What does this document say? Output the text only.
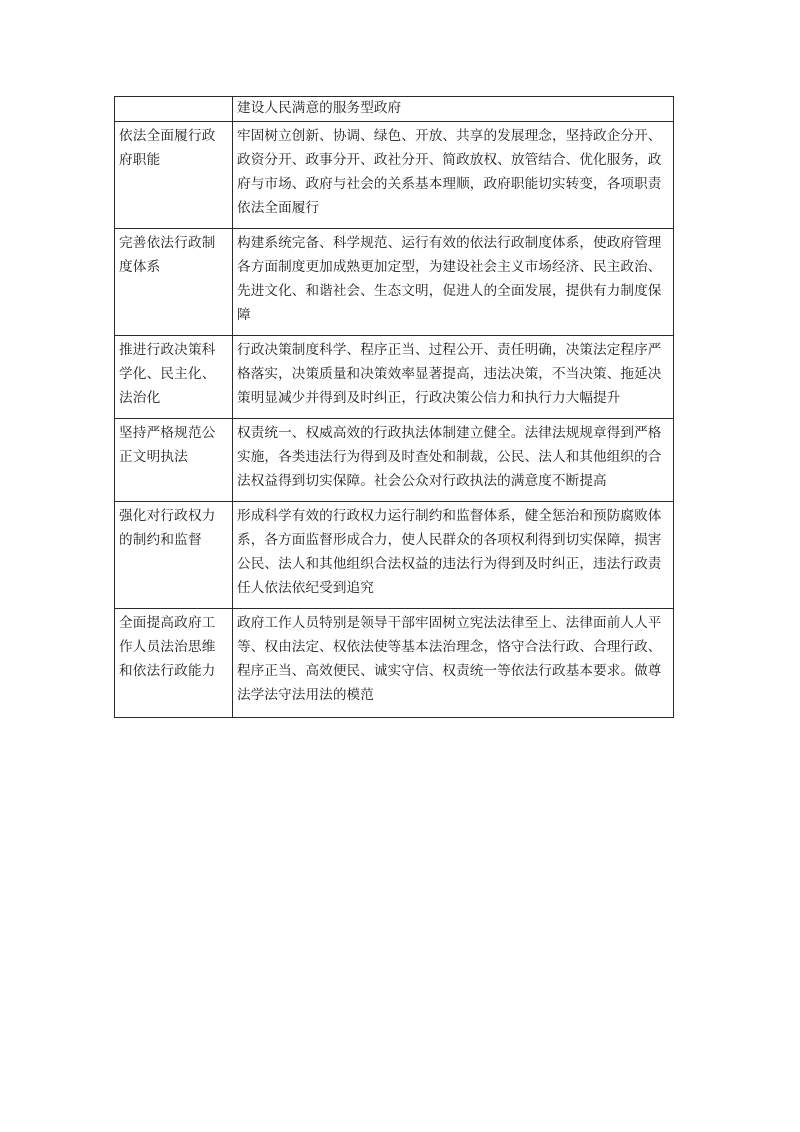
	建设人民满意的服务型政府
依法全面履行政府职能	牢固树立创新、协调、绿色、开放、共享的发展理念，坚持政企分开、政资分开、政事分开、政社分开、简政放权、放管结合、优化服务，政府与市场、政府与社会的关系基本理顺，政府职能切实转变，各项职责依法全面履行
完善依法行政制度体系	构建系统完备、科学规范、运行有效的依法行政制度体系，使政府管理各方面制度更加成熟更加定型，为建设社会主义市场经济、民主政治、先进文化、和谐社会、生态文明，促进人的全面发展，提供有力制度保障
推进行政决策科学化、民主化、法治化	行政决策制度科学、程序正当、过程公开、责任明确，决策法定程序严格落实，决策质量和决策效率显著提高，违法决策，不当决策、拖延决策明显减少并得到及时纠正，行政决策公信力和执行力大幅提升
坚持严格规范公正文明执法	权责统一、权威高效的行政执法体制建立健全。法律法规规章得到严格实施，各类违法行为得到及时查处和制裁，公民、法人和其他组织的合法权益得到切实保障。社会公众对行政执法的满意度不断提高
强化对行政权力的制约和监督	形成科学有效的行政权力运行制约和监督体系，健全惩治和预防腐败体系，各方面监督形成合力，使人民群众的各项权利得到切实保障，损害公民、法人和其他组织合法权益的违法行为得到及时纠正，违法行政责任人依法依纪受到追究
全面提高政府工作人员法治思维和依法行政能力	政府工作人员特别是领导干部牢固树立宪法法律至上、法律面前人人平等、权由法定、权依法使等基本法治理念，恪守合法行政、合理行政、程序正当、高效便民、诚实守信、权责统一等依法行政基本要求。做尊法学法守法用法的模范
